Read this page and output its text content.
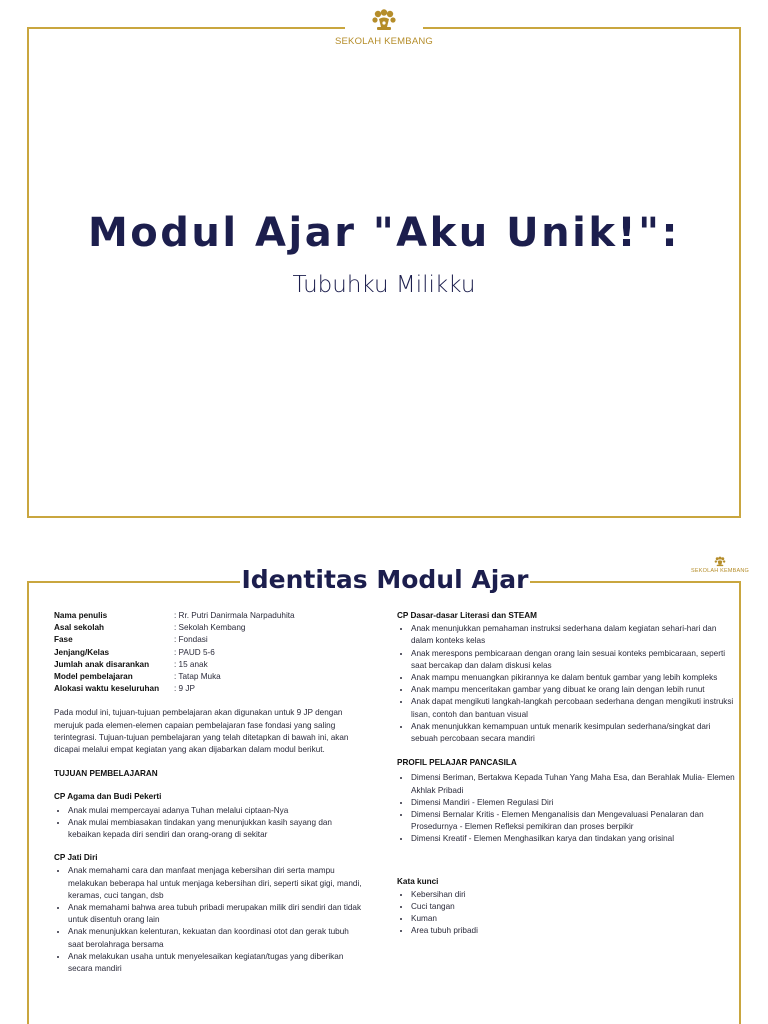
SEKOLAH KEMBANG
Modul Ajar "Aku Unik!":

Tubuhku Milikku

SEKOLAH KEMBANG
Identitas Modul Ajar
Nama penulis	: Rr. Putri Danirmala Narpaduhita
Asal sekolah	: Sekolah Kembang
Fase	: Fondasi
Jenjang/Kelas	: PAUD 5-6
Jumlah anak disarankan	: 15 anak
Model pembelajaran	: Tatap Muka
Alokasi waktu keseluruhan	: 9 JP

Pada modul ini, tujuan-tujuan pembelajaran akan digunakan untuk 9 JP dengan merujuk pada elemen-elemen capaian pembelajaran fase fondasi yang saling terintegrasi. Tujuan-tujuan pembelajaran yang telah ditetapkan di bawah ini, akan dicapai melalui empat kegiatan yang akan dijabarkan dalam modul berikut.

TUJUAN PEMBELAJARAN
CP Agama dan Budi Pekerti
• Anak mulai mempercayai adanya Tuhan melalui ciptaan-Nya
• Anak mulai membiasakan tindakan yang menunjukkan kasih sayang dan kebaikan kepada diri sendiri dan orang-orang di sekitar
CP Jati Diri
• Anak memahami cara dan manfaat menjaga kebersihan diri serta mampu melakukan beberapa hal untuk menjaga kebersihan diri, seperti sikat gigi, mandi, keramas, cuci tangan, dsb
• Anak memahami bahwa area tubuh pribadi merupakan milik diri sendiri dan tidak untuk disentuh orang lain
• Anak menunjukkan kelenturan, kekuatan dan koordinasi otot dan gerak tubuh saat berolahraga bersama
• Anak melakukan usaha untuk menyelesaikan kegiatan/tugas yang diberikan secara mandiri
CP Dasar-dasar Literasi dan STEAM
• Anak menunjukkan pemahaman instruksi sederhana dalam kegiatan sehari-hari dan dalam konteks kelas
• Anak merespons pembicaraan dengan orang lain sesuai konteks pembicaraan, seperti saat bercakap dan dalam diskusi kelas
• Anak mampu menuangkan pikirannya ke dalam bentuk gambar yang lebih kompleks
• Anak mampu menceritakan gambar yang dibuat ke orang lain dengan lebih runut
• Anak dapat mengikuti langkah-langkah percobaan sederhana dengan mengikuti instruksi lisan, contoh dan bantuan visual
• Anak menunjukkan kemampuan untuk menarik kesimpulan sederhana/singkat dari sebuah percobaan secara mandiri
PROFIL PELAJAR PANCASILA
• Dimensi Beriman, Bertakwa Kepada Tuhan Yang Maha Esa, dan Berahlak Mulia- Elemen Akhlak Pribadi
• Dimensi Mandiri - Elemen Regulasi Diri
• Dimensi Bernalar Kritis - Elemen Menganalisis dan Mengevaluasi Penalaran dan Prosedurnya - Elemen Refleksi pemikiran dan proses berpikir
• Dimensi Kreatif - Elemen Menghasilkan karya dan tindakan yang orisinal
Kata kunci
• Kebersihan diri
• Cuci tangan
• Kuman
• Area tubuh pribadi
